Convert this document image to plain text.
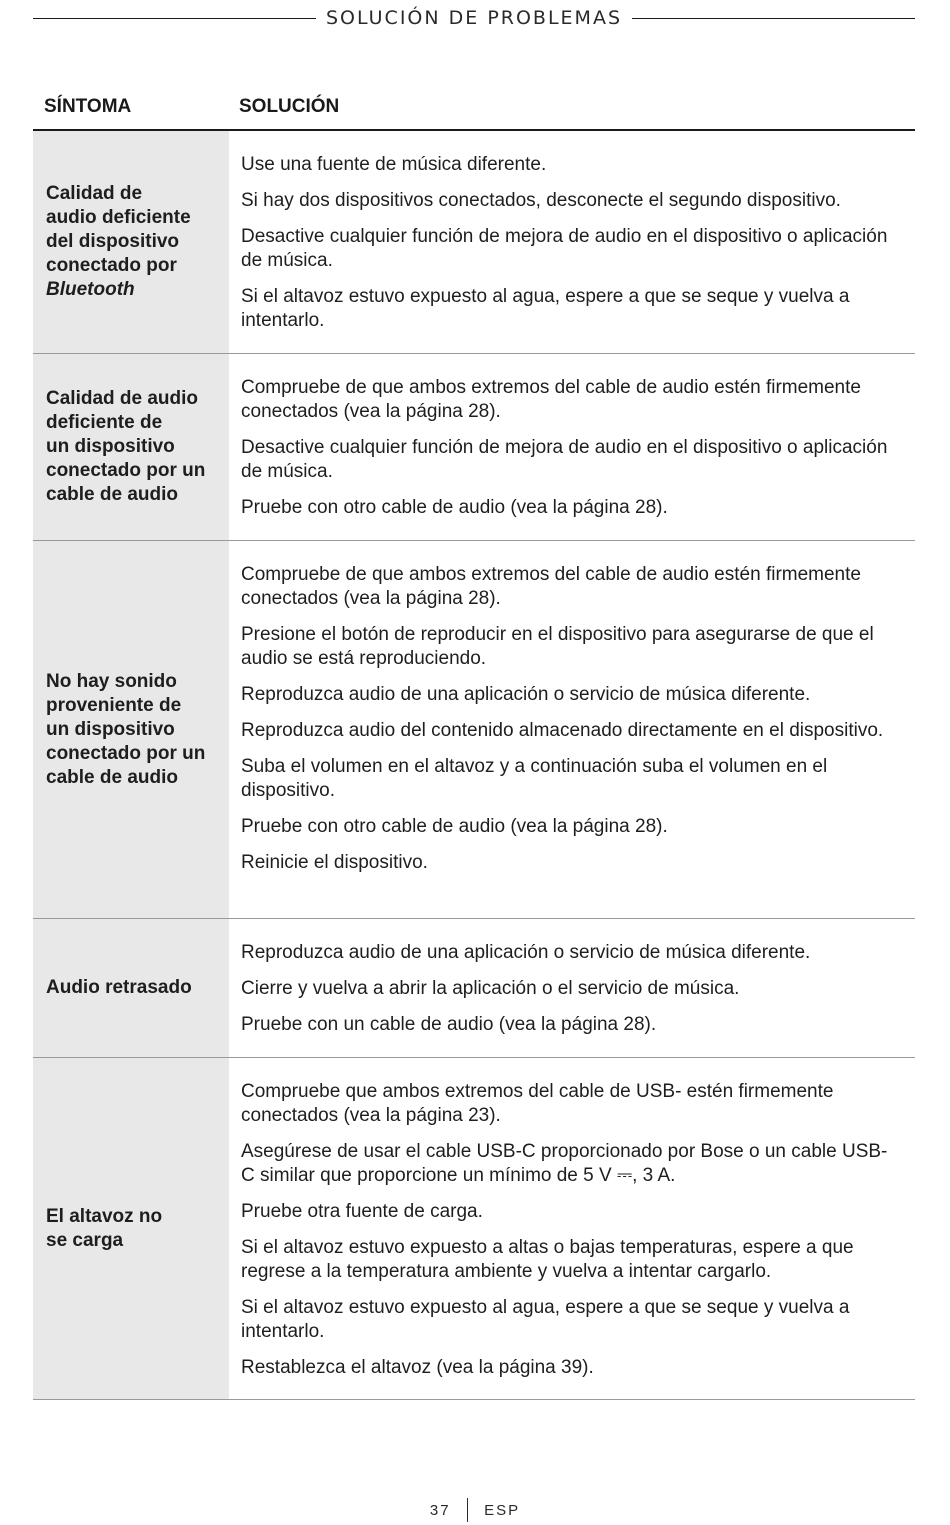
SOLUCIÓN DE PROBLEMAS
SÍNTOMA	SOLUCIÓN
Calidad de
audio deficiente
del dispositivo
conectado por
Bluetooth

Use una fuente de música diferente.

Si hay dos dispositivos conectados, desconecte el segundo dispositivo.

Desactive cualquier función de mejora de audio en el dispositivo o aplicación de música.

Si el altavoz estuvo expuesto al agua, espere a que se seque y vuelva a intentarlo.

Calidad de audio
deficiente de
un dispositivo
conectado por un
cable de audio

Compruebe de que ambos extremos del cable de audio estén firmemente conectados (vea la página 28).

Desactive cualquier función de mejora de audio en el dispositivo o aplicación de música.

Pruebe con otro cable de audio (vea la página 28).

No hay sonido
proveniente de
un dispositivo
conectado por un
cable de audio

Compruebe de que ambos extremos del cable de audio estén firmemente conectados (vea la página 28).

Presione el botón de reproducir en el dispositivo para asegurarse de que el audio se está reproduciendo.

Reproduzca audio de una aplicación o servicio de música diferente.

Reproduzca audio del contenido almacenado directamente en el dispositivo.

Suba el volumen en el altavoz y a continuación suba el volumen en el dispositivo.

Pruebe con otro cable de audio (vea la página 28).

Reinicie el dispositivo.

Audio retrasado

Reproduzca audio de una aplicación o servicio de música diferente.

Cierre y vuelva a abrir la aplicación o el servicio de música.

Pruebe con un cable de audio (vea la página 28).

El altavoz no
se carga

Compruebe que ambos extremos del cable de USB- estén firmemente conectados (vea la página 23).

Asegúrese de usar el cable USB-C proporcionado por Bose o un cable USB-C similar que proporcione un mínimo de 5 V ⎓, 3 A.

Pruebe otra fuente de carga.

Si el altavoz estuvo expuesto a altas o bajas temperaturas, espere a que regrese a la temperatura ambiente y vuelva a intentar cargarlo.

Si el altavoz estuvo expuesto al agua, espere a que se seque y vuelva a intentarlo.

Restablezca el altavoz (vea la página 39).

37 ESP
